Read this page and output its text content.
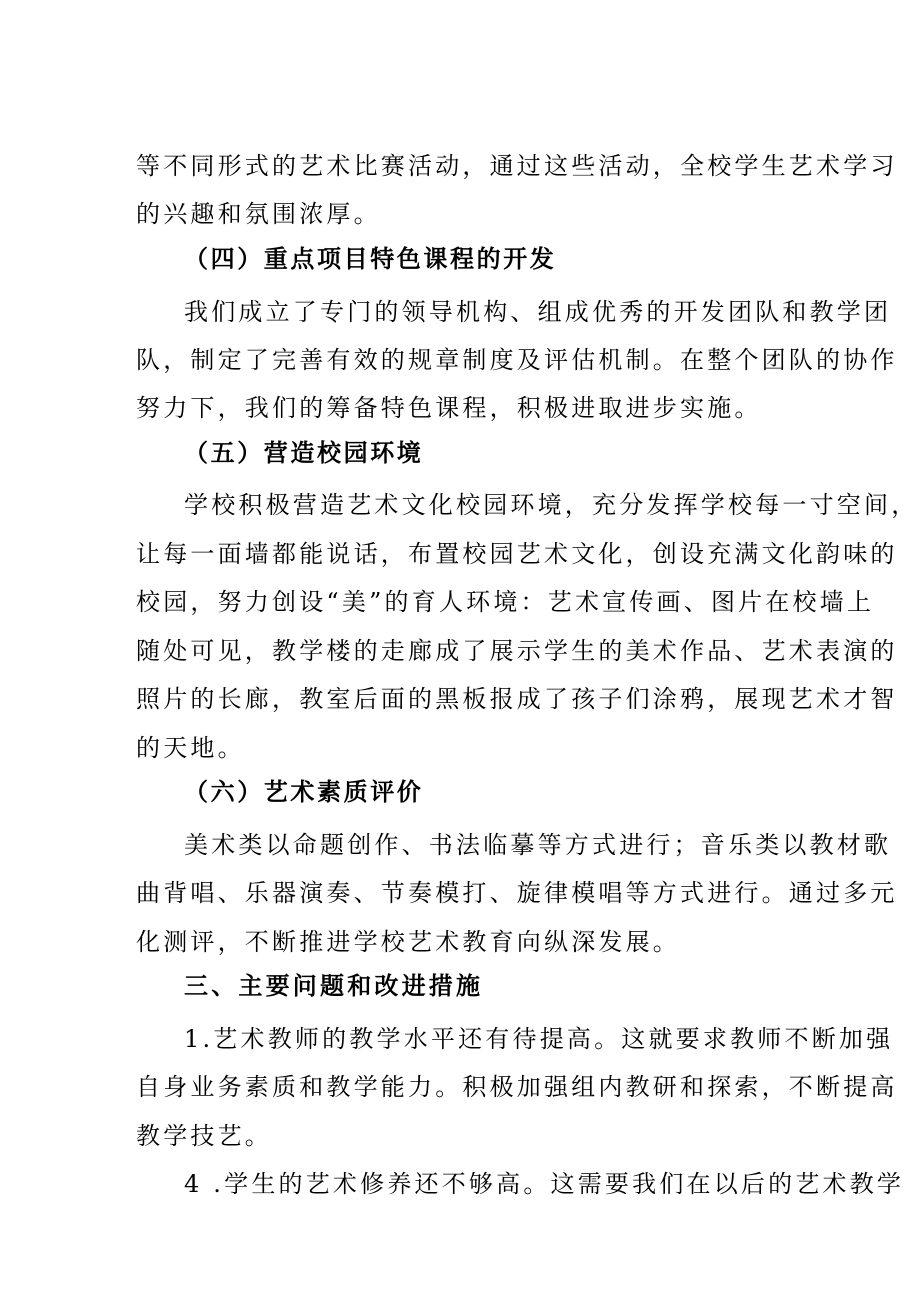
等不同形式的艺术比赛活动，通过这些活动，全校学生艺术学习

的兴趣和氛围浓厚。

（四）重点项目特色课程的开发

我们成立了专门的领导机构、组成优秀的开发团队和教学团

队，制定了完善有效的规章制度及评估机制。在整个团队的协作

努力下，我们的筹备特色课程，积极进取进步实施。

（五）营造校园环境

学校积极营造艺术文化校园环境，充分发挥学校每一寸空间，

让每一面墙都能说话，布置校园艺术文化，创设充满文化韵味的

校园，努力创设“美”的育人环境：艺术宣传画、图片在校墙上

随处可见，教学楼的走廊成了展示学生的美术作品、艺术表演的

照片的长廊，教室后面的黑板报成了孩子们涂鸦，展现艺术才智

的天地。

（六）艺术素质评价

美术类以命题创作、书法临摹等方式进行；音乐类以教材歌

曲背唱、乐器演奏、节奏模打、旋律模唱等方式进行。通过多元

化测评，不断推进学校艺术教育向纵深发展。

三、主要问题和改进措施

1.艺术教师的教学水平还有待提高。这就要求教师不断加强

自身业务素质和教学能力。积极加强组内教研和探索，不断提高

教学技艺。

4 .学生的艺术修养还不够高。这需要我们在以后的艺术教学
